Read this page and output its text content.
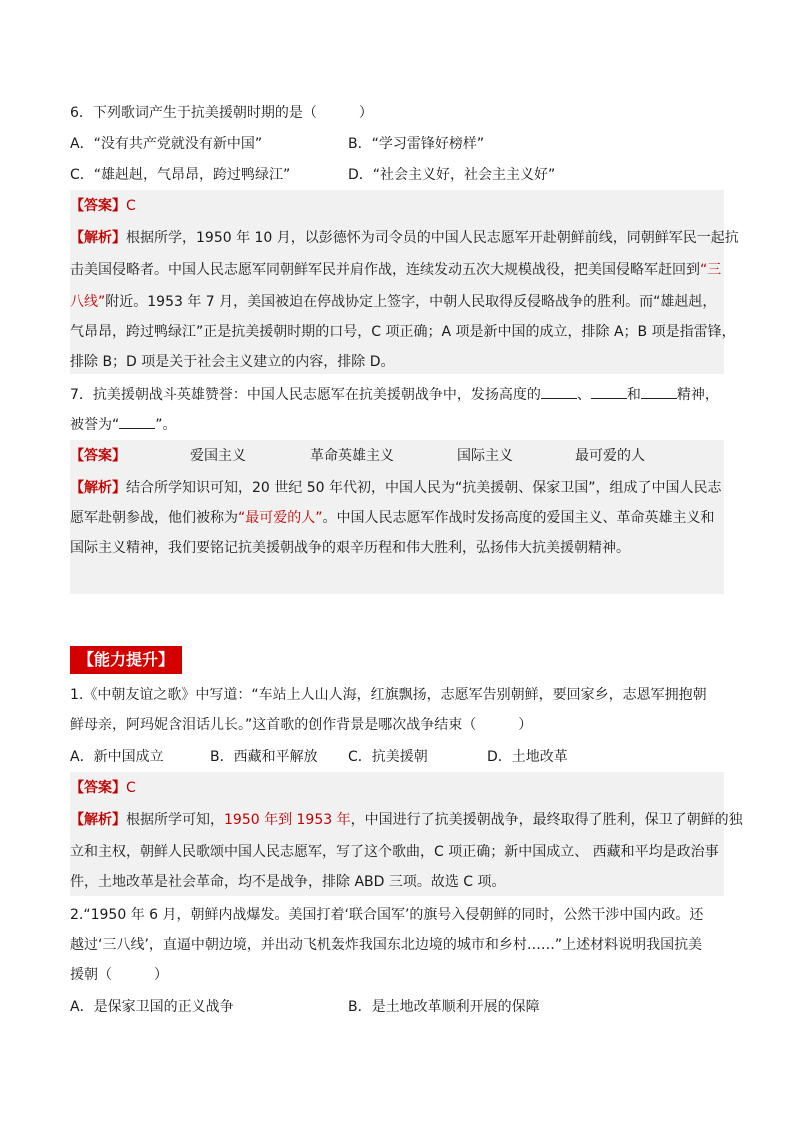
6．下列歌词产生于抗美援朝时期的是（　　　）
A．“没有共产党就没有新中国”	B．“学习雷锋好榜样”
C．“雄赳赳，气昂昂，跨过鸭绿江”	D．“社会主义好，社会主主义好”
【答案】C
【解析】根据所学，1950 年 10 月，以彭德怀为司令员的中国人民志愿军开赴朝鲜前线，同朝鲜军民一起抗
击美国侵略者。中国人民志愿军同朝鲜军民并肩作战，连续发动五次大规模战役，把美国侵略军赶回到“三
八线”附近。1953 年 7 月，美国被迫在停战协定上签字，中朝人民取得反侵略战争的胜利。而“雄赳赳，
气昂昂，跨过鸭绿江”正是抗美援朝时期的口号，C 项正确；A 项是新中国的成立，排除 A；B 项是指雷锋，
排除 B；D 项是关于社会主义建立的内容，排除 D。
7．抗美援朝战斗英雄赞誉：中国人民志愿军在抗美援朝战争中，发扬高度的	、	和	精神，
被誉为“	”。
【答案】	爱国主义	革命英雄主义	国际主义	最可爱的人
【解析】结合所学知识可知，20 世纪 50 年代初，中国人民为“抗美援朝、保家卫国”，组成了中国人民志
愿军赴朝参战，他们被称为“最可爱的人”。中国人民志愿军作战时发扬高度的爱国主义、革命英雄主义和
国际主义精神，我们要铭记抗美援朝战争的艰辛历程和伟大胜利，弘扬伟大抗美援朝精神。
【能力提升】
1.《中朝友谊之歌》中写道：“车站上人山人海，红旗飘扬，志愿军告别朝鲜，要回家乡，志恩军拥抱朝
鲜母亲，阿玛妮含泪话儿长。”这首歌的创作背景是哪次战争结束（　　　）
A．新中国成立	B．西藏和平解放 C．抗美援朝	D．土地改革
【答案】C
【解析】根据所学可知，1950 年到 1953 年，中国进行了抗美援朝战争，最终取得了胜利，保卫了朝鲜的独
立和主权，朝鲜人民歌颂中国人民志愿军，写了这个歌曲，C 项正确；新中国成立、 西藏和平均是政治事
件，土地改革是社会革命，均不是战争，排除 ABD 三项。故选 C 项。
2.“1950 年 6 月，朝鲜内战爆发。美国打着‘联合国军’的旗号入侵朝鲜的同时，公然干涉中国内政。还
越过‘三八线’，直逼中朝边境，并出动飞机轰炸我国东北边境的城市和乡村……”上述材料说明我国抗美
援朝（　　　）
A．是保家卫国的正义战争	B．是土地改革顺利开展的保障
